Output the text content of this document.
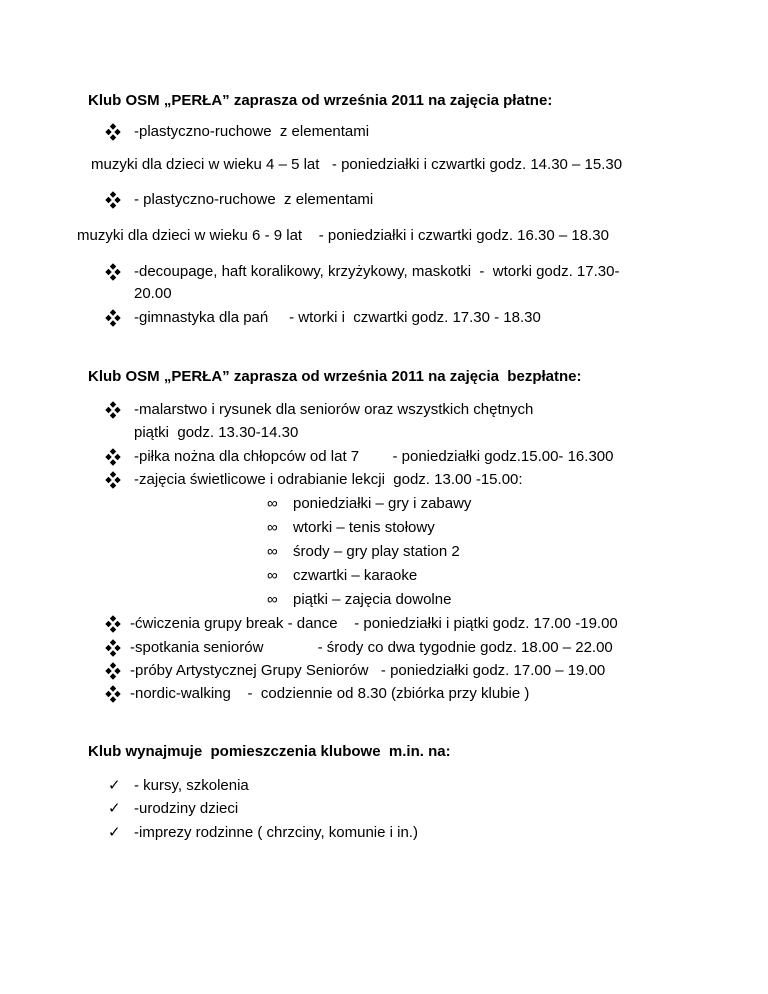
Klub OSM „PERŁA” zaprasza od września 2011 na zajęcia płatne:
-plastyczno-ruchowe  z elementami
muzyki dla dzieci w wieku 4 – 5 lat   - poniedziałki i czwartki godz. 14.30 – 15.30
- plastyczno-ruchowe  z elementami
muzyki dla dzieci w wieku 6 - 9 lat    - poniedziałki i czwartki godz. 16.30 – 18.30
-decoupage, haft koralikowy, krzyżykowy, maskotki  -  wtorki godz. 17.30-
20.00
-gimnastyka dla pań     - wtorki i  czwartki godz. 17.30 - 18.30
Klub OSM „PERŁA” zaprasza od września 2011 na zajęcia  bezpłatne:
-malarstwo i rysunek dla seniorów oraz wszystkich chętnych
piątki  godz. 13.30-14.30
-piłka nożna dla chłopców od lat 7        - poniedziałki godz.15.00- 16.300
-zajęcia świetlicowe i odrabianie lekcji  godz. 13.00 -15.00:
∞ poniedziałki – gry i zabawy
∞ wtorki – tenis stołowy
∞ środy – gry play station 2
∞ czwartki – karaoke
∞ piątki – zajęcia dowolne
-ćwiczenia grupy break - dance    - poniedziałki i piątki godz. 17.00 -19.00
-spotkania seniorów             - środy co dwa tygodnie godz. 18.00 – 22.00
-próby Artystycznej Grupy Seniorów   - poniedziałki godz. 17.00 – 19.00
-nordic-walking    -  codziennie od 8.30 (zbiórka przy klubie )
Klub wynajmuje  pomieszczenia klubowe  m.in. na:
✓ - kursy, szkolenia
✓ -urodziny dzieci
✓ -imprezy rodzinne ( chrzciny, komunie i in.)
